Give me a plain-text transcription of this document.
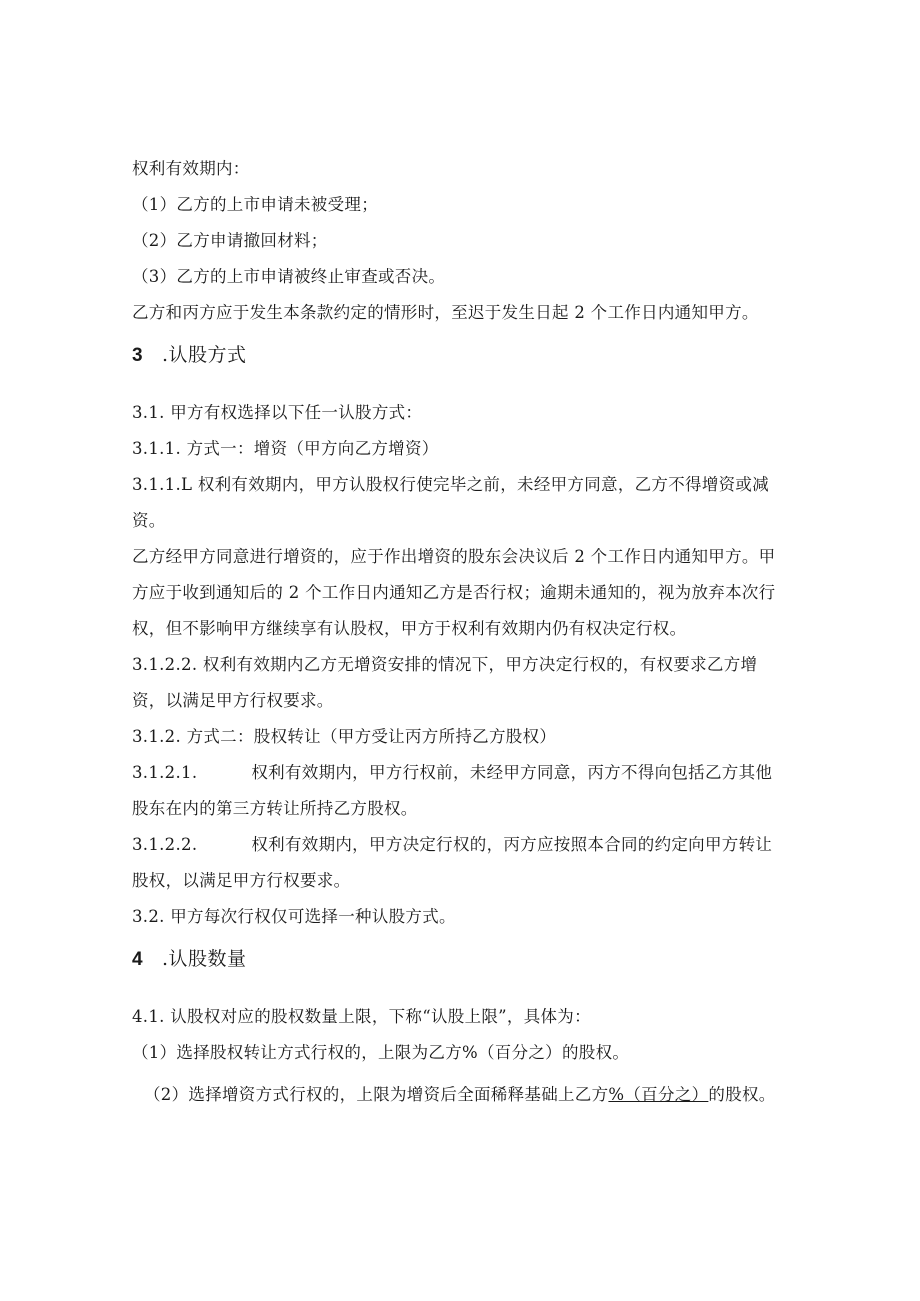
权利有效期内：
（1）乙方的上市申请未被受理；
（2）乙方申请撤回材料；
（3）乙方的上市申请被终止审查或否决。
乙方和丙方应于发生本条款约定的情形时，至迟于发生日起 2 个工作日内通知甲方。
3 .认股方式
3.1. 甲方有权选择以下任一认股方式：
3.1.1. 方式一：增资（甲方向乙方增资）
3.1.1.L 权利有效期内，甲方认股权行使完毕之前，未经甲方同意，乙方不得增资或减
资。
乙方经甲方同意进行增资的，应于作出增资的股东会决议后 2 个工作日内通知甲方。甲
方应于收到通知后的 2 个工作日内通知乙方是否行权；逾期未通知的，视为放弃本次行
权，但不影响甲方继续享有认股权，甲方于权利有效期内仍有权决定行权。
3.1.2.2. 权利有效期内乙方无增资安排的情况下，甲方决定行权的，有权要求乙方增
资，以满足甲方行权要求。
3.1.2. 方式二：股权转让（甲方受让丙方所持乙方股权）
3.1.2.1.	权利有效期内，甲方行权前，未经甲方同意，丙方不得向包括乙方其他
股东在内的第三方转让所持乙方股权。
3.1.2.2.	权利有效期内，甲方决定行权的，丙方应按照本合同的约定向甲方转让
股权，以满足甲方行权要求。
3.2. 甲方每次行权仅可选择一种认股方式。
4 .认股数量
4.1. 认股权对应的股权数量上限，下称“认股上限”，具体为：
（1）选择股权转让方式行权的，上限为乙方%（百分之）的股权。
（2）选择增资方式行权的，上限为增资后全面稀释基础上乙方%（百分之）的股权。
